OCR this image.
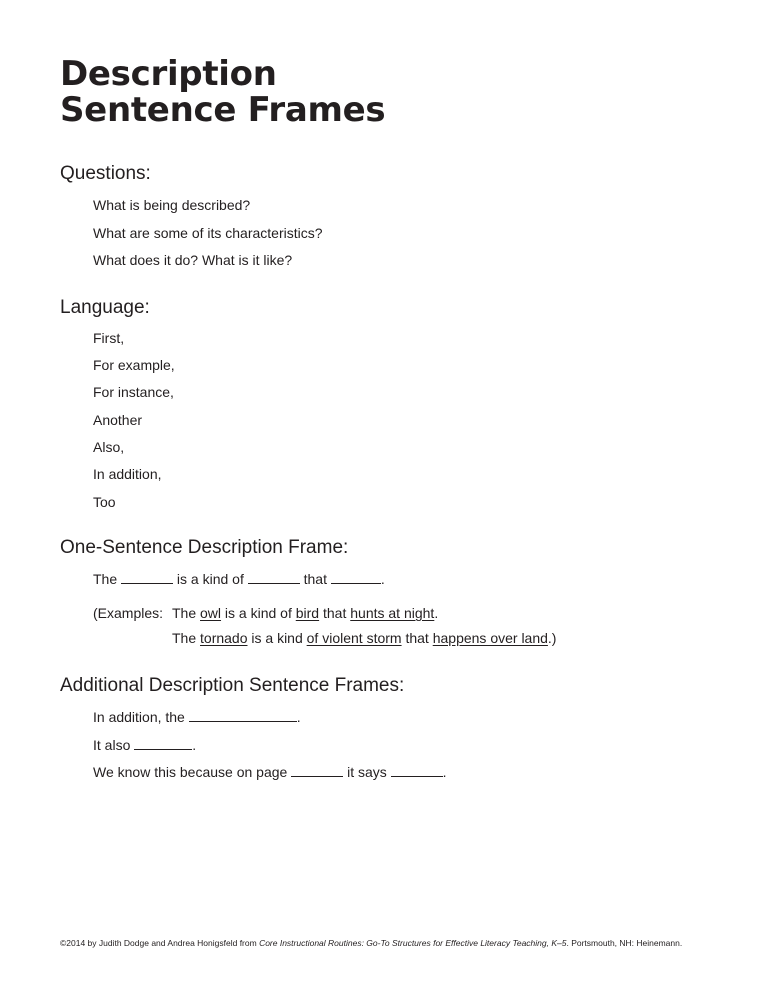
Description
Sentence Frames
Questions:

What is being described?

What are some of its characteristics?

What does it do? What is it like?

Language:

First,

For example,

For instance,

Another

Also,

In addition,

Too

One-Sentence Description Frame:

The	is a kind of	that	.

(Examples: The owl is a kind of bird that hunts at night.
The tornado is a kind of violent storm that happens over land.)
Additional Description Sentence Frames:

In addition, the	.

It also	.

We know this because on page	it says	.

©2014 by Judith Dodge and Andrea Honigsfeld from Core Instructional Routines: Go-To Structures for Effective Literacy Teaching, K–5. Portsmouth, NH: Heinemann.
